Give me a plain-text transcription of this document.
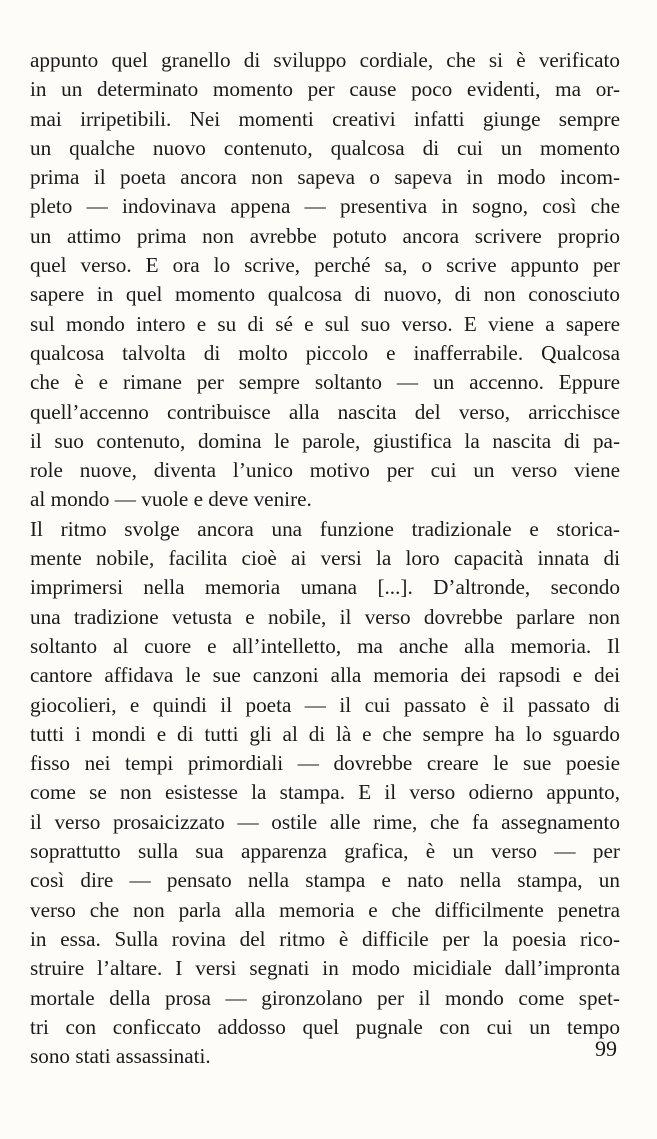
appunto quel granello di sviluppo cordiale, che si è verificato
in un determinato momento per cause poco evidenti, ma or-
mai irripetibili. Nei momenti creativi infatti giunge sempre
un qualche nuovo contenuto, qualcosa di cui un momento
prima il poeta ancora non sapeva o sapeva in modo incom-
pleto — indovinava appena — presentiva in sogno, così che
un attimo prima non avrebbe potuto ancora scrivere proprio
quel verso. E ora lo scrive, perché sa, o scrive appunto per
sapere in quel momento qualcosa di nuovo, di non conosciuto
sul mondo intero e su di sé e sul suo verso. E viene a sapere
qualcosa talvolta di molto piccolo e inafferrabile. Qualcosa
che è e rimane per sempre soltanto — un accenno. Eppure
quell’accenno contribuisce alla nascita del verso, arricchisce
il suo contenuto, domina le parole, giustifica la nascita di pa-
role nuove, diventa l’unico motivo per cui un verso viene
al mondo — vuole e deve venire.
Il ritmo svolge ancora una funzione tradizionale e storica-
mente nobile, facilita cioè ai versi la loro capacità innata di
imprimersi nella memoria umana [...]. D’altronde, secondo
una tradizione vetusta e nobile, il verso dovrebbe parlare non
soltanto al cuore e all’intelletto, ma anche alla memoria. Il
cantore affidava le sue canzoni alla memoria dei rapsodi e dei
giocolieri, e quindi il poeta — il cui passato è il passato di
tutti i mondi e di tutti gli al di là e che sempre ha lo sguardo
fisso nei tempi primordiali — dovrebbe creare le sue poesie
come se non esistesse la stampa. E il verso odierno appunto,
il verso prosaicizzato — ostile alle rime, che fa assegnamento
soprattutto sulla sua apparenza grafica, è un verso — per
così dire — pensato nella stampa e nato nella stampa, un
verso che non parla alla memoria e che difficilmente penetra
in essa. Sulla rovina del ritmo è difficile per la poesia rico-
struire l’altare. I versi segnati in modo micidiale dall’impronta
mortale della prosa — gironzolano per il mondo come spet-
tri con conficcato addosso quel pugnale con cui un tempo
sono stati assassinati.	99
